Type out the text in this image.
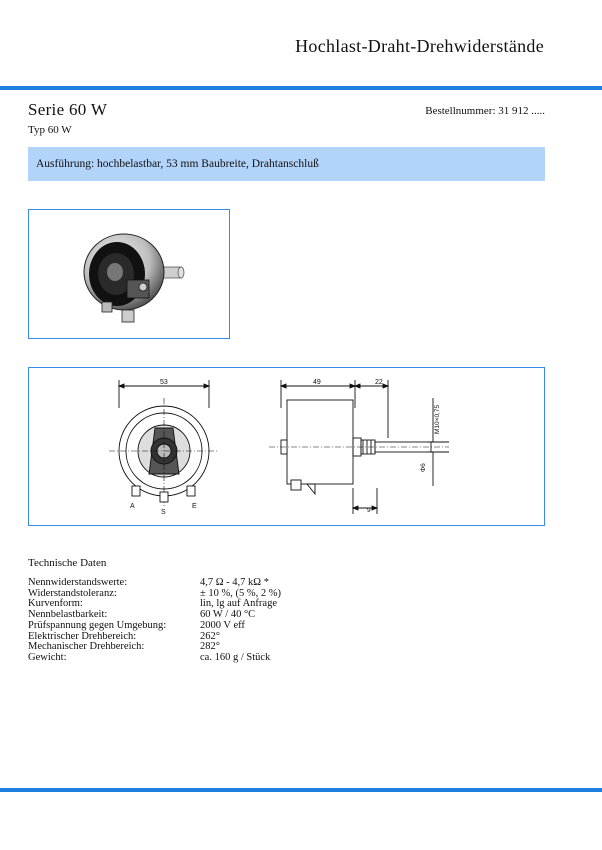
Hochlast-Draht-Drehwiderstände
Serie 60 W	Bestellnummer: 31 912 .....
Typ 60 W
Ausführung: hochbelastbar, 53 mm Baubreite, Drahtanschluß
53
A
S
E
49	22
M10×0,75
Φ6
9
Technische Daten
Nennwiderstandswerte:	4,7 Ω - 4,7 kΩ *
Widerstandstoleranz:	± 10 %, (5 %, 2 %)
Kurvenform:	lin, lg auf Anfrage
Nennbelastbarkeit:	60 W / 40 °C
Prüfspannung gegen Umgebung:	2000 V eff
Elektrischer Drehbereich:	262°
Mechanischer Drehbereich:	282°
Gewicht:	ca. 160 g / Stück
